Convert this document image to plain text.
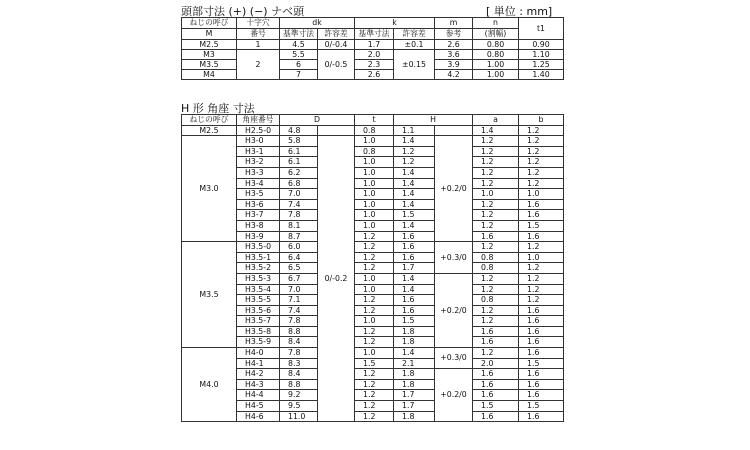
頭部寸法 (+) (−) ナベ頭	[ 単位 : mm]
ねじの呼び	十字穴	dk		k		m	n	t1
M	番号	基準寸法	許容差	基準寸法	許容差	参考	(割幅)	
M2.5	1	4.5	0/-0.4	1.7	±0.1	2.6	0.80	0.90
M3	2	5.5	0/-0.5	2.0	±0.15	3.6	0.80	1.10
M3.5		6		2.3		3.9	1.00	1.25
M4		7		2.6		4.2	1.00	1.40
H 形 角座 寸法
ねじの呼び	角座番号	D		t	H		a	b
M2.5	H2.5-0	4.8		0.8	1.1		1.4	1.2
M3.0	H3-0	5.8	0/-0.2	1.0	1.4	+0.2/0	1.2	1.2
	H3-1	6.1		0.8	1.2		1.2	1.2
	H3-2	6.1		1.0	1.2		1.2	1.2
	H3-3	6.2		1.0	1.4		1.2	1.2
	H3-4	6.8		1.0	1.4		1.2	1.2
	H3-5	7.0		1.0	1.4		1.0	1.0
	H3-6	7.4		1.0	1.4		1.2	1.6
	H3-7	7.8		1.0	1.5		1.2	1.6
	H3-8	8.1		1.0	1.4		1.2	1.5
	H3-9	8.7		1.2	1.6		1.6	1.6
M3.5	H3.5-0	6.0		1.2	1.6	+0.3/0	1.2	1.2
	H3.5-1	6.4		1.2	1.6		0.8	1.0
	H3.5-2	6.5		1.2	1.7		0.8	1.2
	H3.5-3	6.7		1.0	1.4	+0.2/0	1.2	1.2
	H3.5-4	7.0		1.0	1.4		1.2	1.2
	H3.5-5	7.1		1.2	1.6		0.8	1.2
	H3.5-6	7.4		1.2	1.6		1.2	1.6
	H3.5-7	7.8		1.0	1.5		1.2	1.6
	H3.5-8	8.8		1.2	1.8		1.6	1.6
	H3.5-9	8.4		1.2	1.8		1.6	1.6
M4.0	H4-0	7.8		1.0	1.4	+0.3/0	1.2	1.6
	H4-1	8.3		1.5	2.1		2.0	1.5
	H4-2	8.4		1.2	1.8	+0.2/0	1.6	1.6
	H4-3	8.8		1.2	1.8		1.6	1.6
	H4-4	9.2		1.2	1.7		1.6	1.6
	H4-5	9.5		1.2	1.7		1.5	1.5
	H4-6	11.0		1.2	1.8		1.6	1.6
